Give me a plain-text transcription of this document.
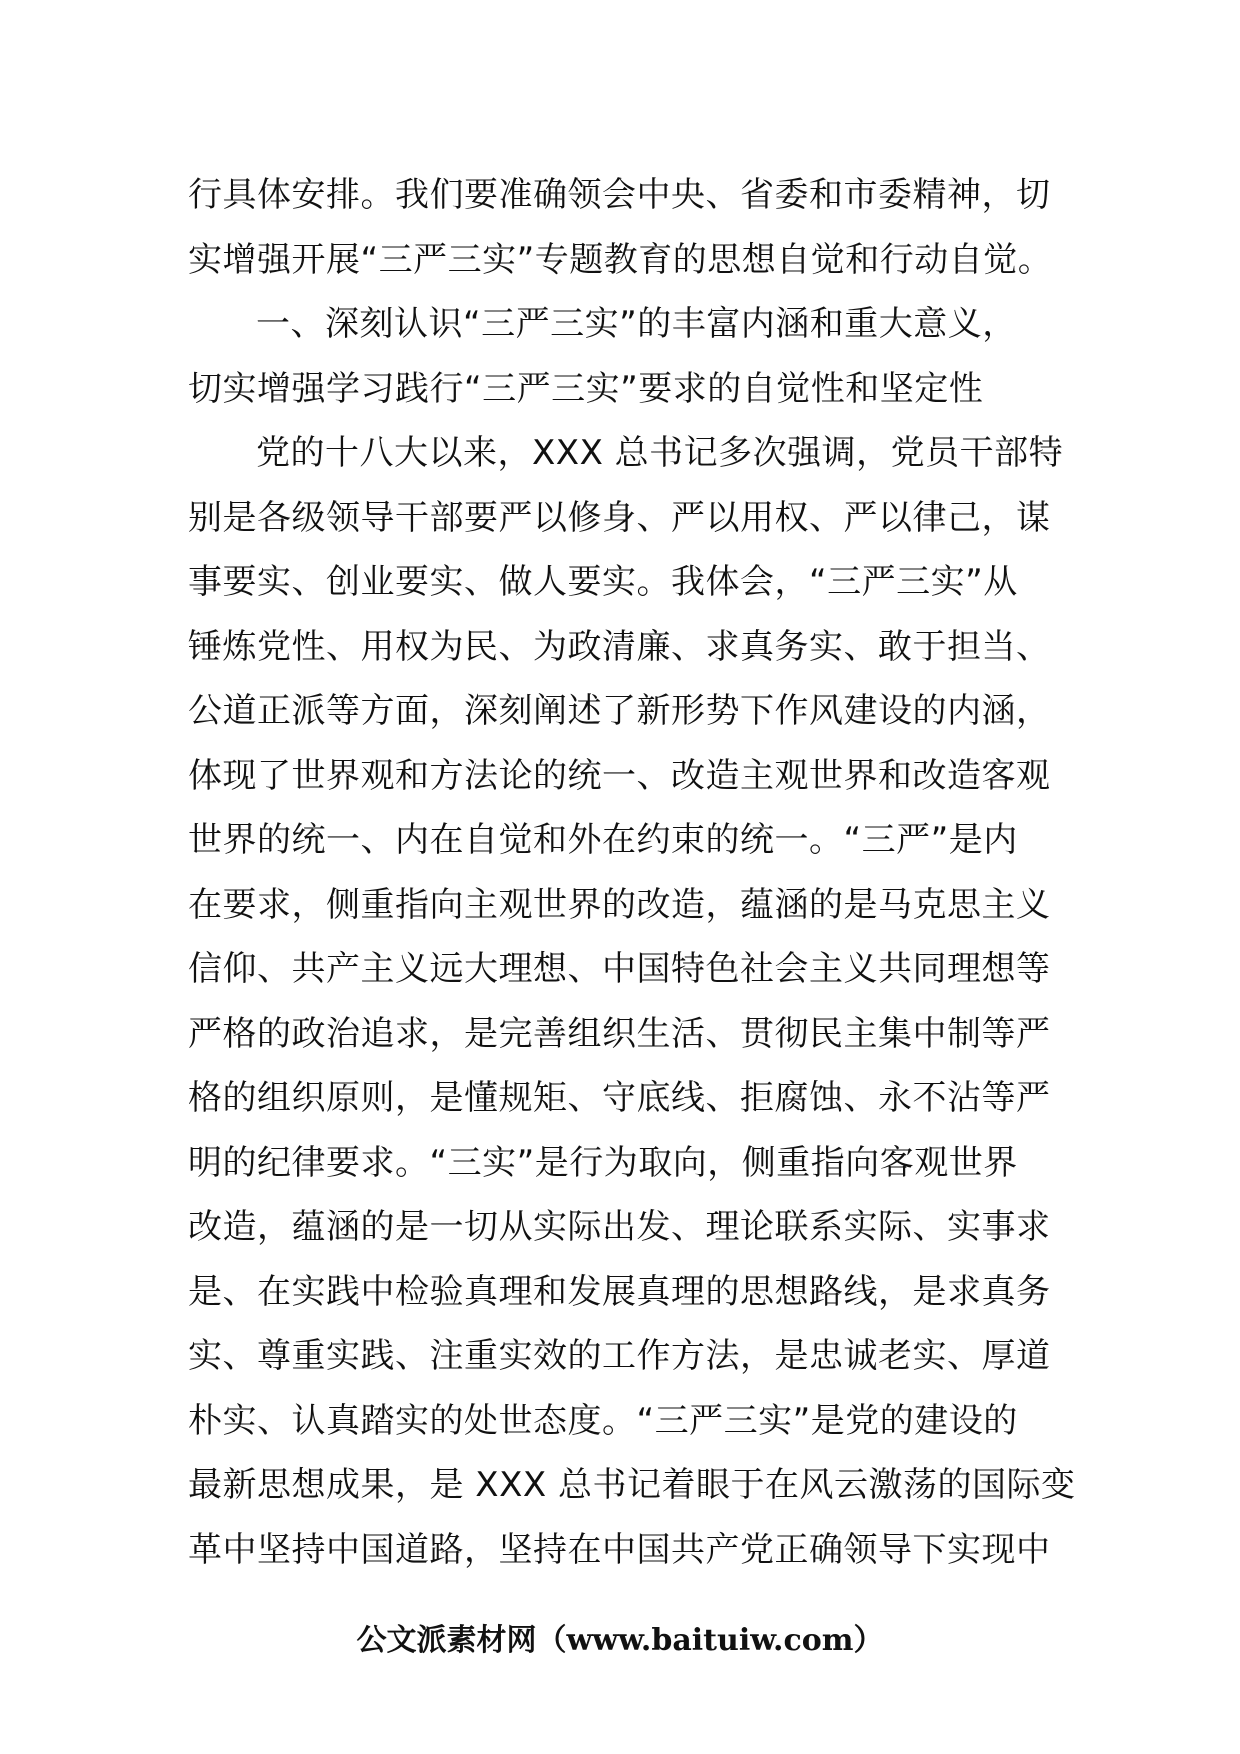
行具体安排。我们要准确领会中央、省委和市委精神，切
实增强开展“三严三实”专题教育的思想自觉和行动自觉。
一、深刻认识“三严三实”的丰富内涵和重大意义，
切实增强学习践行“三严三实”要求的自觉性和坚定性
党的十八大以来，XXX 总书记多次强调，党员干部特
别是各级领导干部要严以修身、严以用权、严以律己，谋
事要实、创业要实、做人要实。我体会，“三严三实”从
锤炼党性、用权为民、为政清廉、求真务实、敢于担当、
公道正派等方面，深刻阐述了新形势下作风建设的内涵，
体现了世界观和方法论的统一、改造主观世界和改造客观
世界的统一、内在自觉和外在约束的统一。“三严”是内
在要求，侧重指向主观世界的改造，蕴涵的是马克思主义
信仰、共产主义远大理想、中国特色社会主义共同理想等
严格的政治追求，是完善组织生活、贯彻民主集中制等严
格的组织原则，是懂规矩、守底线、拒腐蚀、永不沾等严
明的纪律要求。“三实”是行为取向，侧重指向客观世界
改造，蕴涵的是一切从实际出发、理论联系实际、实事求
是、在实践中检验真理和发展真理的思想路线，是求真务
实、尊重实践、注重实效的工作方法，是忠诚老实、厚道
朴实、认真踏实的处世态度。“三严三实”是党的建设的
最新思想成果，是 XXX 总书记着眼于在风云激荡的国际变
革中坚持中国道路，坚持在中国共产党正确领导下实现中
公文派素材网（www.baituiw.com）
